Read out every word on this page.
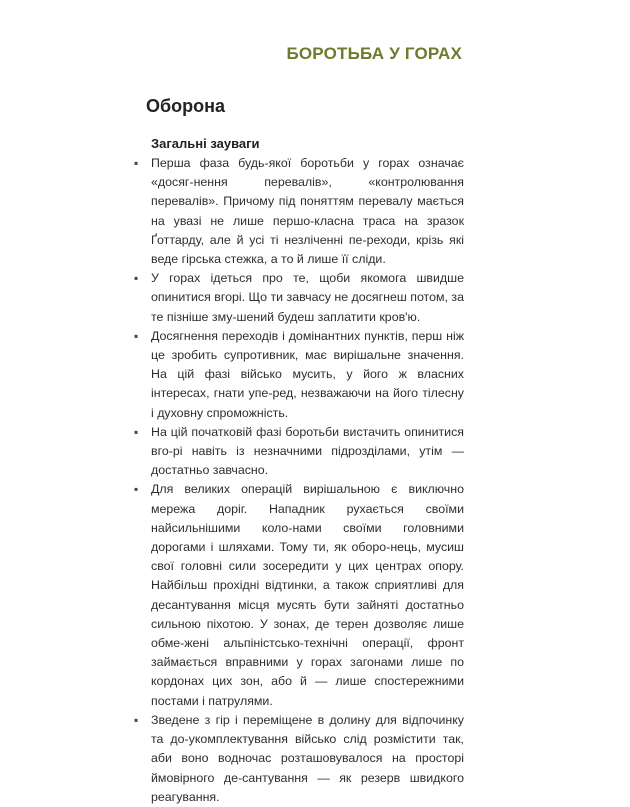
БОРОТЬБА У ГОРАХ
Оборона
Загальні зауваги
▪ Перша фаза будь-якої боротьби у горах означає «досяг-нення перевалів», «контролювання перевалів». Причому під поняттям перевалу мається на увазі не лише першо-класна траса на зразок Ґоттарду, але й усі ті незліченні пе-реходи, крізь які веде гірська стежка, а то й лише її сліди.
▪ У горах ідеться про те, щоби якомога швидше опинитися вгорі. Що ти завчасу не досягнеш потом, за те пізніше зму-шений будеш заплатити кров'ю.
▪ Досягнення переходів і домінантних пунктів, перш ніж це зробить супротивник, має вирішальне значення. На цій фазі військо мусить, у його ж власних інтересах, гнати упе-ред, незважаючи на його тілесну і духовну спроможність.
▪ На цій початковій фазі боротьби вистачить опинитися вго-рі навіть із незначними підрозділами, утім — достатньо завчасно.
▪ Для великих операцій вирішальною є виключно мережа доріг. Нападник рухається своїми найсильнішими коло-нами своїми головними дорогами і шляхами. Тому ти, як оборо-нець, мусиш свої головні сили зосередити у цих центрах опору. Найбільш прохідні відтинки, а також сприятливі для десантування місця мусять бути зайняті достатньо сильною піхотою. У зонах, де терен дозволяє лише обме-жені альпіністсько-технічні операції, фронт займається вправними у горах загонами лише по кордонах цих зон, або й — лише спостережними постами і патрулями.
▪ Зведене з гір і переміщене в долину для відпочинку та до-укомплектування військо слід розмістити так, аби воно водночас розташовувалося на просторі ймовірного де-сантування — як резерв швидкого реагування.
